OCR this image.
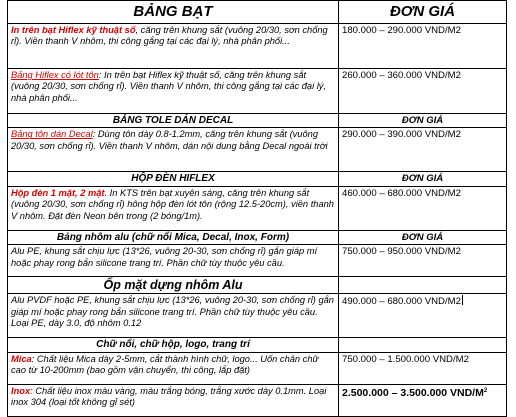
BẢNG BẠT	ĐƠN GIÁ
In trên bạt Hiflex kỹ thuật số, căng trên khung sắt (vuông 20/30, sơn chống rỉ). Viền thanh V nhôm, thi công gắng tại các đại lý, nhà phân phối...	180.000 – 290.000 VND/M2
Bảng Hiflex có lót tôn: In trên bạt Hiflex kỹ thuật số, căng trên khung sắt (vuông 20/30, sơn chống rỉ). Viền thanh V nhôm, thi công gắng tại các đại lý, nhà phân phối...	260.000 – 360.000 VND/M2
BẢNG TOLE DÁN DECAL	ĐƠN GIÁ
Bảng tôn dán Decal: Dùng tôn dày 0.8-1.2mm, căng trên khung sắt (vuông 20/30, sơn chống rỉ). Viền thanh V nhôm, dán nội dung bằng Decal ngoài trời	290.000 – 390.000 VND/M2
HỘP ĐÈN HIFLEX	ĐƠN GIÁ
Hộp đèn 1 mặt, 2 mặt. In KTS trên bạt xuyên sáng, căng trên khung sắt (vuông 20/30, sơn chống rỉ) hông hộp đèn lót tôn (rộng 12.5-20cm), viền thanh V nhôm. Đặt đèn Neon bên trong (2 bóng/1m).	460.000 – 680.000 VND/M2
Bảng nhôm alu (chữ nổi Mica, Decal, Inox, Form)	ĐƠN GIÁ
Alu PE, khung sắt chịu lực (13*26, vuông 20-30, sơn chống rỉ) gắn giáp mí hoặc phay rong bắn silicone trang trí. Phần chữ tùy thuộc yêu cầu.	750.000 – 950.000 VND/M2
Ốp mặt dựng nhôm Alu	
Alu PVDF hoặc PE, khung sắt chịu lực (13*26, vuông 20-30, sơn chống rỉ) gắn giáp mí hoặc phay rong bắn silicone trang trí. Phần chữ tùy thuộc yêu cầu. Loại PE, dày 3.0, độ nhôm 0.12	490.000 – 680.000 VND/M2
Chữ nổi, chữ hộp, logo, trang trí	
Mica: Chất liệu Mica dày 2-5mm, cắt thành hình chữ, logo... Uốn chân chữ cao từ 10-200mm (bao gồm vận chuyển, thi công, lắp đặt)	750.000 – 1.500.000 VND/M2
Inox: Chất liệu inox màu vàng, màu trắng bóng, trắng xước dày 0.1mm. Loại inox 304 (loại tốt không gỉ sét)	2.500.000 – 3.500.000 VND/$M^2$
